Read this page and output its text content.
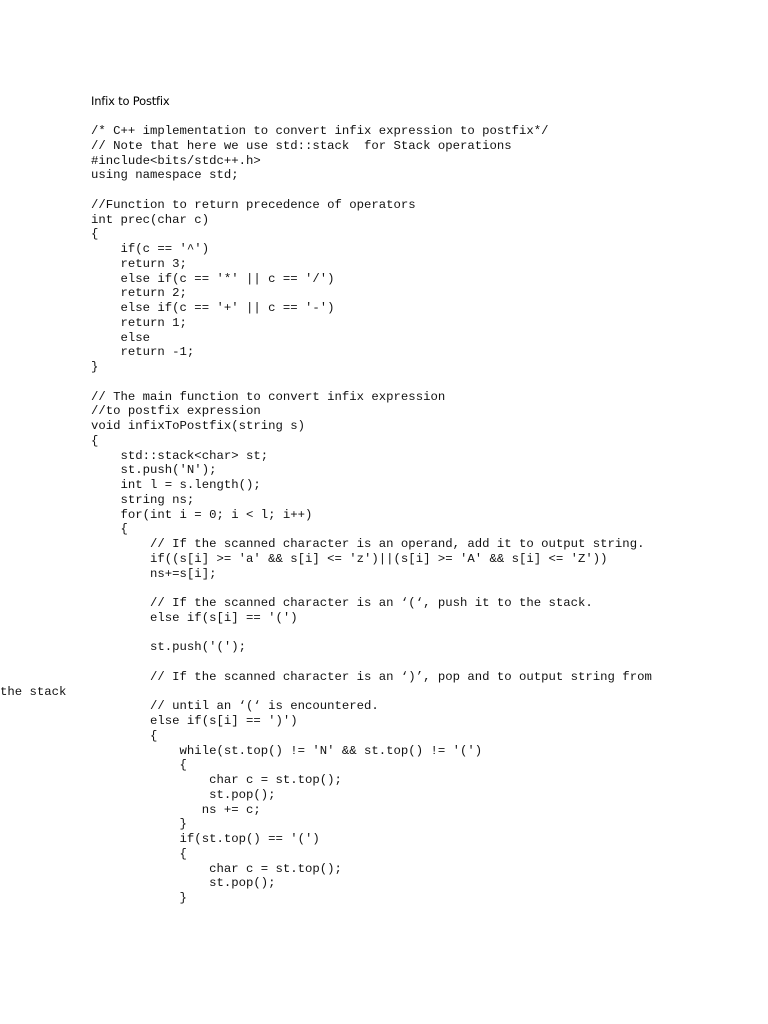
Infix to Postfix
/* C++ implementation to convert infix expression to postfix*/
// Note that here we use std::stack  for Stack operations
#include<bits/stdc++.h>
using namespace std;
//Function to return precedence of operators
int prec(char c)
{
if(c == '^')
return 3;
else if(c == '*' || c == '/')
return 2;
else if(c == '+' || c == '-')
return 1;
else
return -1;
}
// The main function to convert infix expression
//to postfix expression
void infixToPostfix(string s)
{
std::stack<char> st;
st.push('N');
int l = s.length();
string ns;
for(int i = 0; i < l; i++)
{
// If the scanned character is an operand, add it to output string.
if((s[i] >= 'a' && s[i] <= 'z')||(s[i] >= 'A' && s[i] <= 'Z'))
ns+=s[i];
// If the scanned character is an ‘(‘, push it to the stack.
else if(s[i] == '(')
st.push('(');
// If the scanned character is an ‘)’, pop and to output string from
the stack
// until an ‘(‘ is encountered.
else if(s[i] == ')')
{
while(st.top() != 'N' && st.top() != '(')
{
char c = st.top();
st.pop();
ns += c;
}
if(st.top() == '(')
{
char c = st.top();
st.pop();
}
